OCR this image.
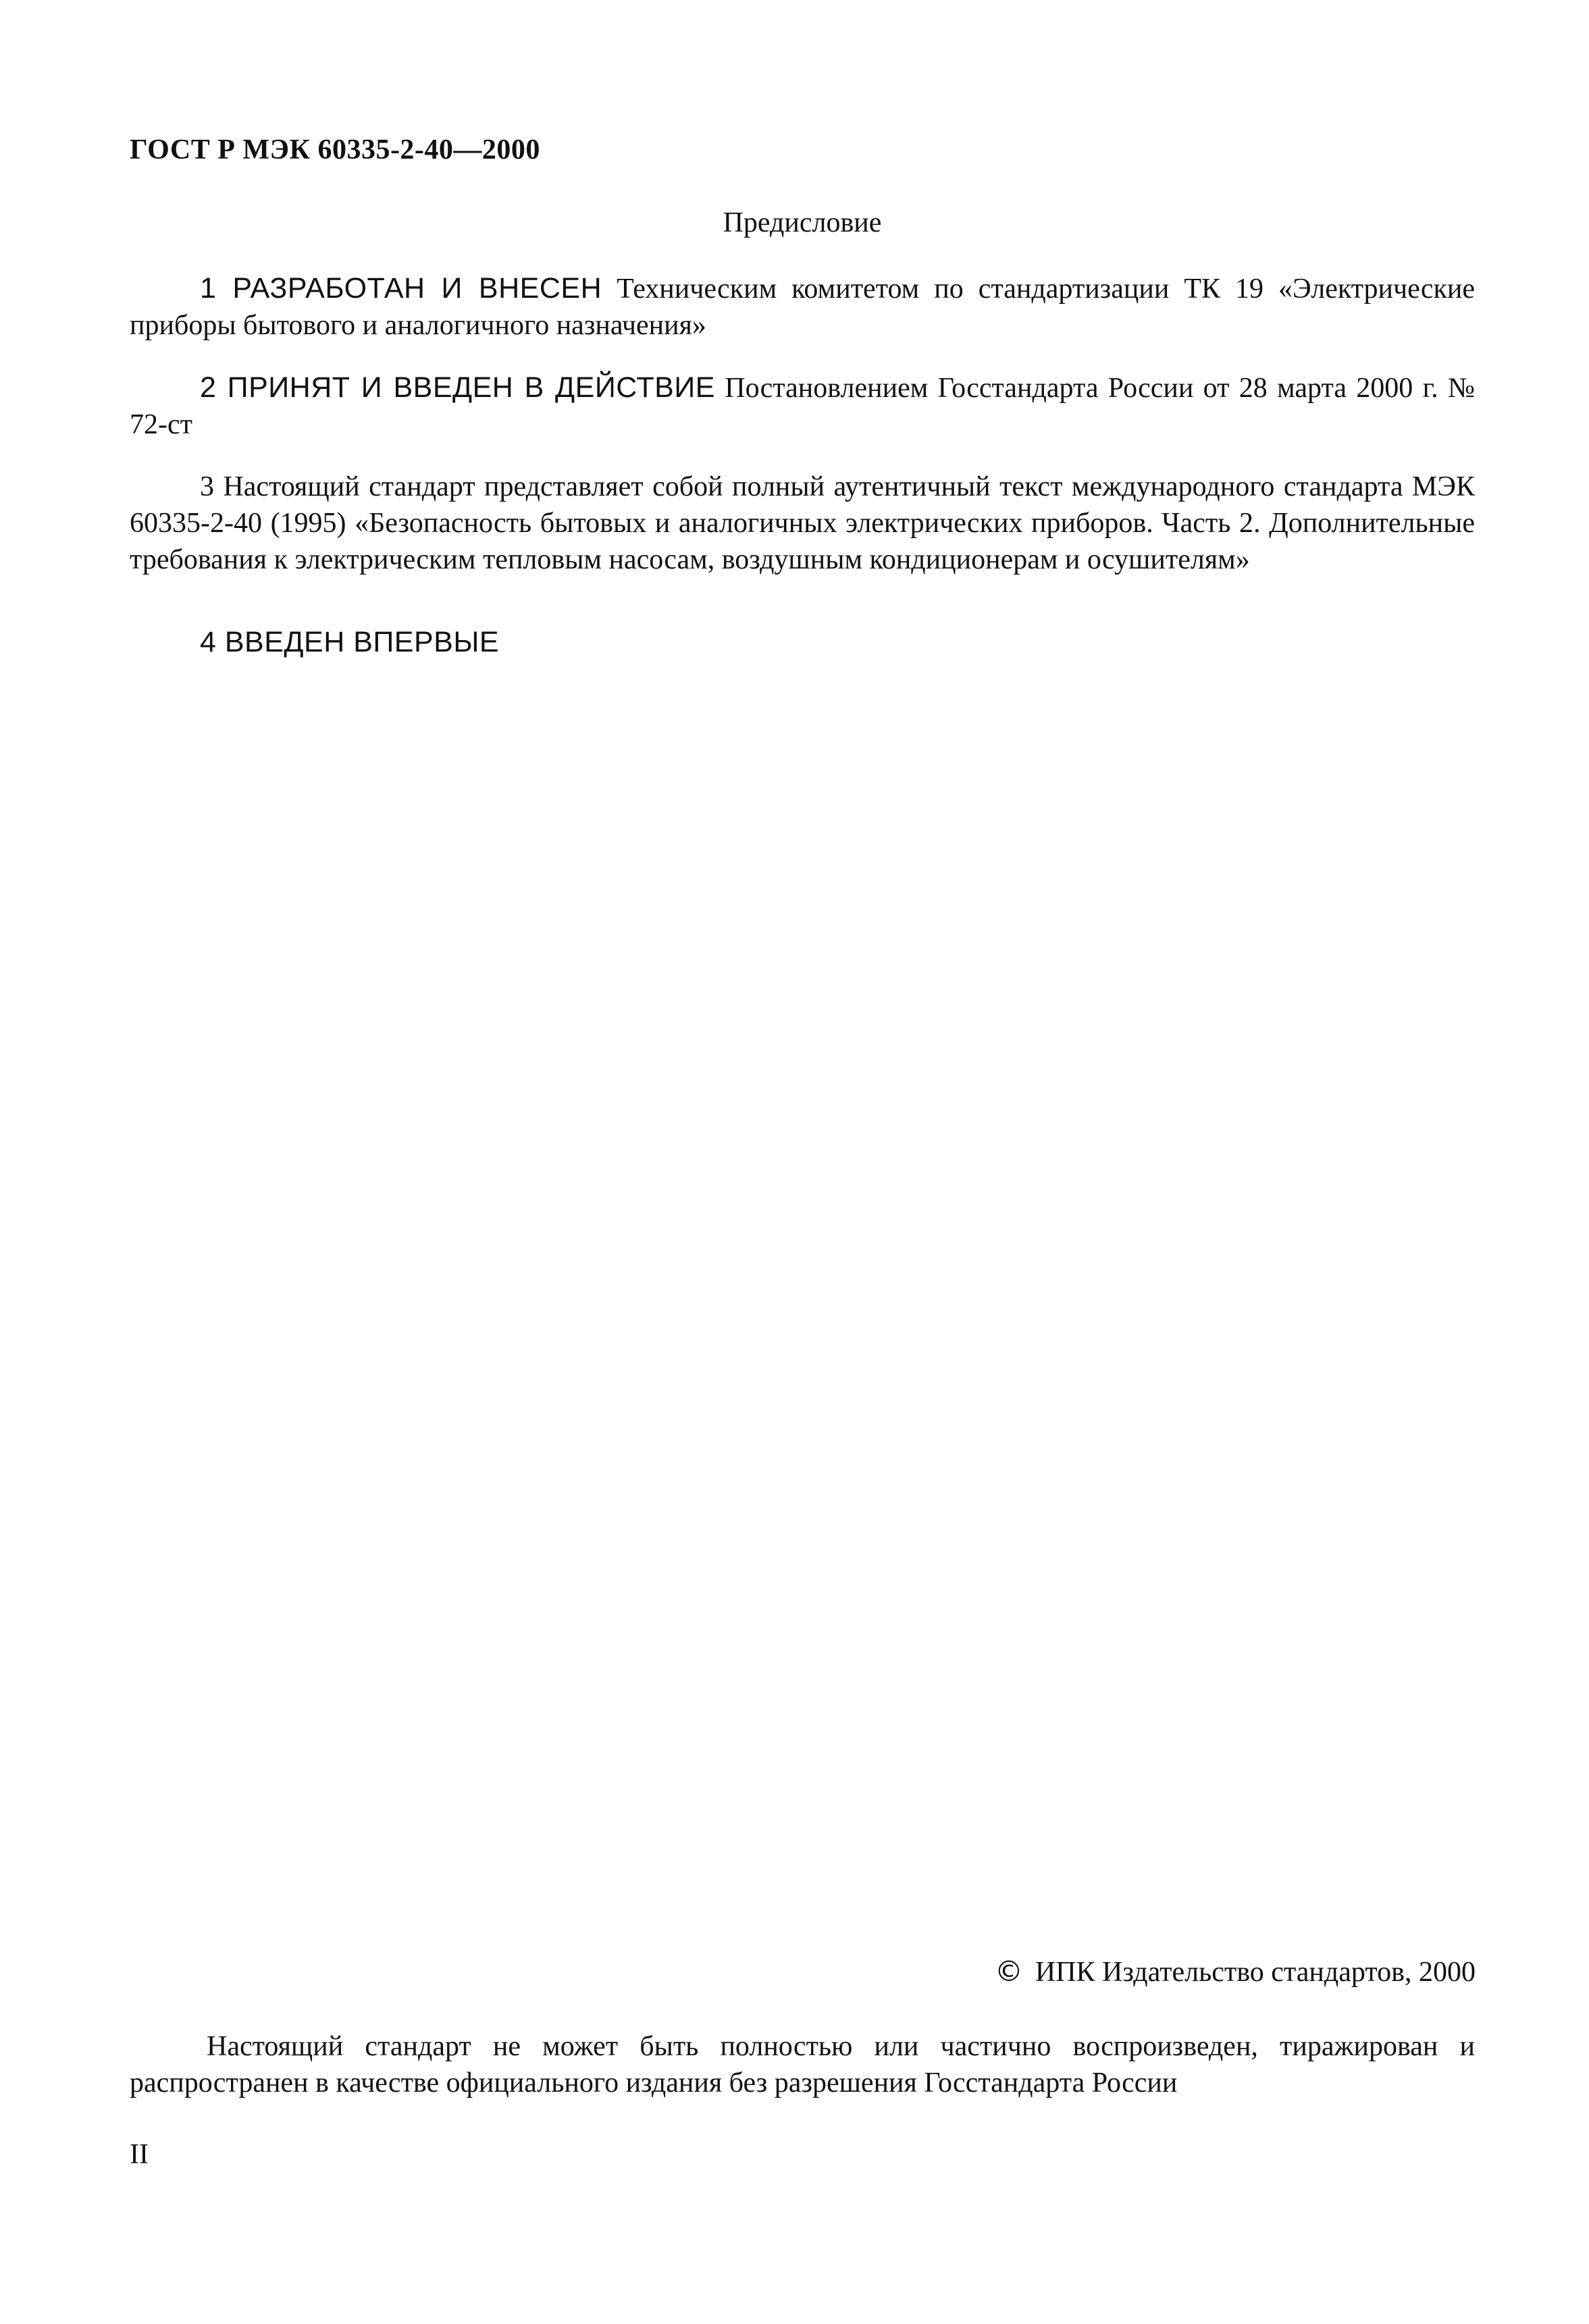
ГОСТ Р МЭК 60335-2-40—2000
Предисловие

1 РАЗРАБОТАН И ВНЕСЕН Техническим комитетом по стандартизации ТК 19 «Электрические приборы бытового и аналогичного назначения»

2 ПРИНЯТ И ВВЕДЕН В ДЕЙСТВИЕ Постановлением Госстандарта России от 28 марта 2000 г. № 72-ст

3 Настоящий стандарт представляет собой полный аутентичный текст международного стандарта МЭК 60335-2-40 (1995) «Безопасность бытовых и аналогичных электрических приборов. Часть 2. Дополнительные требования к электрическим тепловым насосам, воздушным кондиционерам и осушителям»

4 ВВЕДЕН ВПЕРВЫЕ

© ИПК Издательство стандартов, 2000

Настоящий стандарт не может быть полностью или частично воспроизведен, тиражирован и распространен в качестве официального издания без разрешения Госстандарта России

II
